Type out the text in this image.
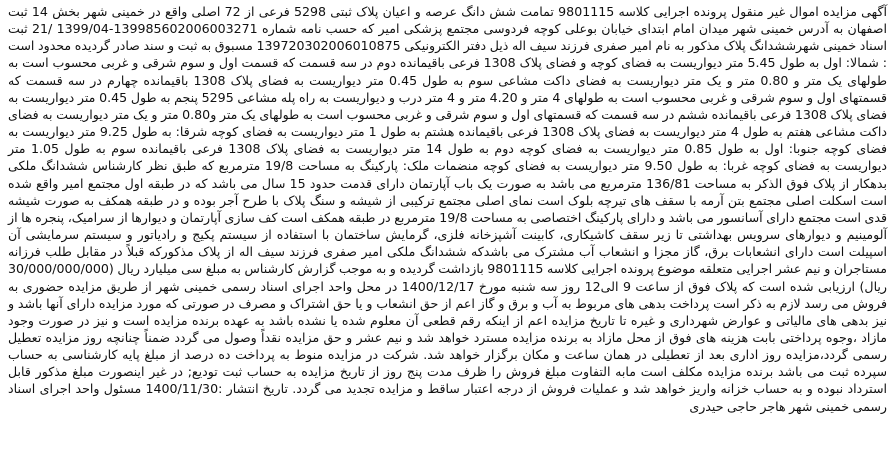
آگهی مزایده اموال غیر منقول پرونده اجرایی کلاسه 9801115 تمامت شش دانگ عرصه و اعیان پلاک ثبتی 5298 فرعی از 72 اصلی واقع در خمینی شهر بخش 14 ثبت اصفهان به آدرس خمینی شهر میدان امام ابتدای خیابان بوعلی کوچه فردوسی مجتمع پزشکی امیر که حسب نامه شماره 139985602006003271-1399/04 /21 ثبت اسناد خمینی شهرششدانگ پلاک مذکور به نام امیر صفری فرزند سیف اله ذیل دفتر الکترونیکی 139720302006010875 مسبوق به ثبت و سند صادر گردیده محدود است : شمالا: اول به طول 5.45 متر دیواریست به فضای کوچه و فضای پلاک 1308 فرعی باقیمانده دوم در سه قسمت که قسمت اول و سوم شرقی و غربی محسوب است به طولهای یک متر و 0.80 متر و یک متر دیواریست به فضای داکت مشاعی سوم به طول 0.45 متر دیواریست به فضای پلاک 1308 باقیمانده چهارم در سه قسمت که قسمتهای اول و سوم شرقی و غربی محسوب است به طولهای 4 متر و 4.20 متر و 4 متر درب و دیواریست به راه پله مشاعی 5295 پنجم به طول 0.45 متر دیواریست به فضای پلاک 1308 فرعی باقیمانده ششم در سه قسمت که قسمتهای اول و سوم شرقی و غربی محسوب است به طولهای یک متر و0.80 متر و یک متر دیواریست به فضای داکت مشاعی هفتم به طول 4 متر دیواریست به فضای پلاک 1308 فرعی باقیمانده هشتم به طول 1 متر دیواریست به فضای کوچه شرقا: به طول 9.25 متر دیواریست به فضای کوچه جنوبا: اول به طول 0.85 متر دیواریست به فضای کوچه دوم به طول 14 متر دیواریست به فضای پلاک 1308 فرعی باقیمانده سوم به طول 1.05 متر دیواریست به فضای کوچه غربا: به طول 9.50 متر دیواریست به فضای کوچه منضمات ملک: پارکینگ به مساحت 19/8 مترمربع که طبق نظر کارشناس ششدانگ ملکی بدهکار از پلاک فوق الذکر به مساحت 136/81 مترمربع می باشد به صورت یک باب آپارتمان دارای قدمت حدود 15 سال می باشد که در طبقه اول مجتمع امیر واقع شده است اسکلت اصلی مجتمع بتن آرمه با سقف های تیرچه بلوک است نمای اصلی مجتمع ترکیبی از شیشه و سنگ پلاک با طرح آجر بوده و در طبقه همکف به صورت شیشه قدی است مجتمع دارای آسانسور می باشد و دارای پارکینگ اختصاصی به مساحت 19/8 مترمربع در طبقه همکف است کف سازی آپارتمان و دیوارها از سرامیک، پنجره ها از آلومینیم و دیوارهای سرویس بهداشتی تا زیر سقف کاشیکاری، کابینت آشپزخانه فلزی، گرمایش ساختمان با استفاده از سیستم پکیج و رادیاتور و سیستم سرمایشی آن اسپیلت است دارای انشعابات برق، گاز مجزا و انشعاب آب مشترک می باشدکه ششدانگ ملکی امیر صفری فرزند سیف اله از پلاک مذکورکه قبلاً در مقابل طلب فرزانه مستاجران و نیم عشر اجرایی متعلقه موضوع پرونده اجرایی کلاسه 9801115 بازداشت گردیده و به موجب گزارش کارشناس به مبلغ سی میلیارد ریال (30/000/000/000 ریال) ارزیابی شده است که پلاک فوق از ساعت 9 الی12 روز سه شنبه مورخ 1400/12/17 در محل واحد اجرای اسناد رسمی خمینی شهر از طریق مزایده حضوری به فروش می رسد لازم به ذکر است پرداخت بدهی های مربوط به آب و برق و گاز اعم از حق انشعاب و یا حق اشتراک و مصرف در صورتی که مورد مزایده دارای آنها باشد و نیز بدهی های مالیاتی و عوارض شهرداری و غیره تا تاریخ مزایده اعم از اینکه رقم قطعی آن معلوم شده یا نشده باشد به عهده برنده مزایده است و نیز در صورت وجود مازاد ،وجوه پرداختی بابت هزینه های فوق از محل مازاد به برنده مزایده مسترد خواهد شد و نیم عشر و حق مزایده نقداً وصول می گردد ضمناً چنانچه روز مزایده تعطیل رسمی گردد،مزایده روز اداری بعد از تعطیلی در همان ساعت و مکان برگزار خواهد شد. شرکت در مزایده منوط به پرداخت ده درصد از مبلغ پایه کارشناسی به حساب سپرده ثبت می باشد برنده مزایده مکلف است مابه التفاوت مبلغ فروش را ظرف مدت پنج روز از تاریخ مزایده به حساب ثبت تودیع; در غیر اینصورت مبلغ مذکور قابل استرداد نبوده و به حساب خزانه واریز خواهد شد و عملیات فروش از درجه اعتبار ساقط و مزایده تجدید می گردد. تاریخ انتشار :1400/11/30 مسئول واحد اجرای اسناد رسمی خمینی شهر هاجر حاجی حیدری
